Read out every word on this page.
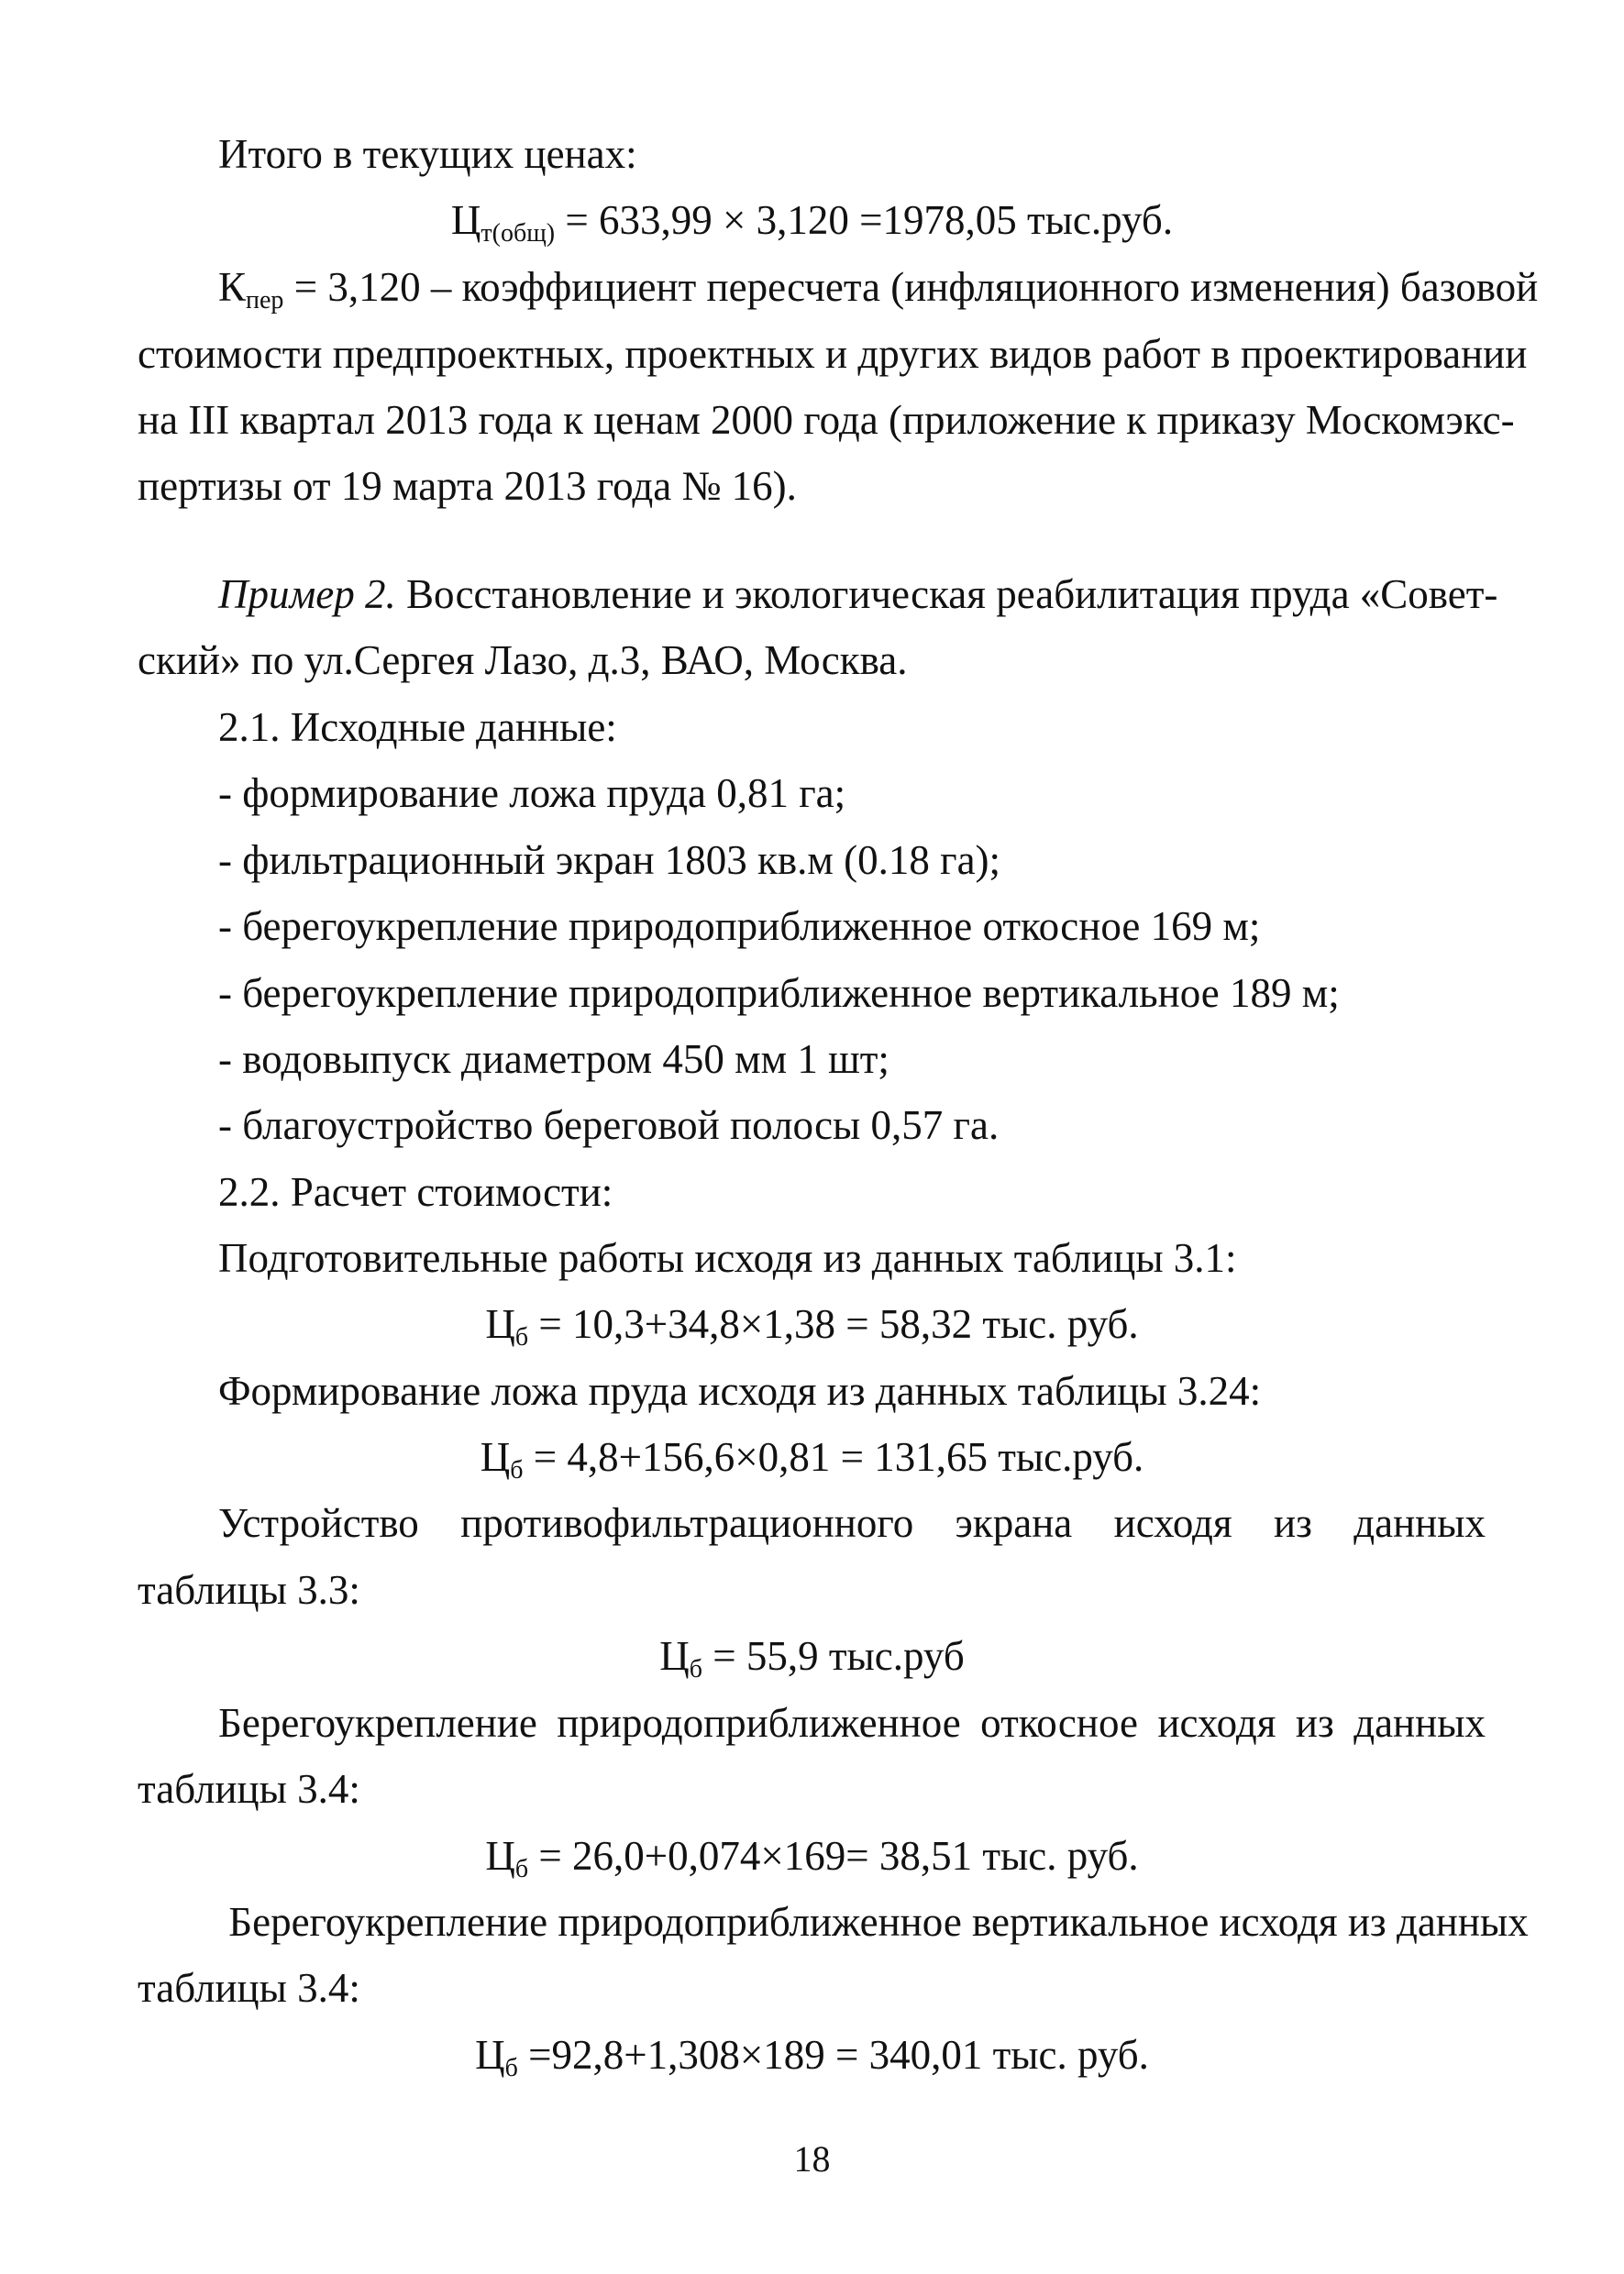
Итого в текущих ценах:
$Ц_{т(общ)} = 633,99 \times 3,120 =1978,05$ тыс.руб.
$К_{пер} = 3,120$ – коэффициент пересчета (инфляционного изменения) базовой
стоимости предпроектных, проектных и других видов работ в проектировании
на III квартал 2013 года к ценам 2000 года (приложение к приказу Москомэкс-
пертизы от 19 марта 2013 года № 16).
Пример 2. Восстановление и экологическая реабилитация пруда «Совет-
ский» по ул.Сергея Лазо, д.3, ВАО, Москва.
2.1. Исходные данные:
- формирование ложа пруда 0,81 га;
- фильтрационный экран 1803 кв.м (0.18 га);
- берегоукрепление природоприближенное откосное 169 м;
- берегоукрепление природоприближенное вертикальное 189 м;
- водовыпуск диаметром 450 мм 1 шт;
- благоустройство береговой полосы 0,57 га.
2.2. Расчет стоимости:
Подготовительные работы исходя из данных таблицы 3.1:
$Ц_б = 10,3+34,8\times 1,38 = 58,32$ тыс. руб.
Формирование ложа пруда исходя из данных таблицы 3.24:
$Ц_б = 4,8+156,6\times 0,81 = 131,65$ тыс.руб.
Устройство противофильтрационного экрана исходя из данных
таблицы 3.3:
$Ц_б = 55,9$ тыс.руб
Берегоукрепление природоприближенное откосное исходя из данных
таблицы 3.4:
$Ц_б = 26,0+0,074\times 169= 38,51$ тыс. руб.
Берегоукрепление природоприближенное вертикальное исходя из данных
таблицы 3.4:
$Ц_б =92,8+1,308\times 189 = 340,01$ тыс. руб.
18
